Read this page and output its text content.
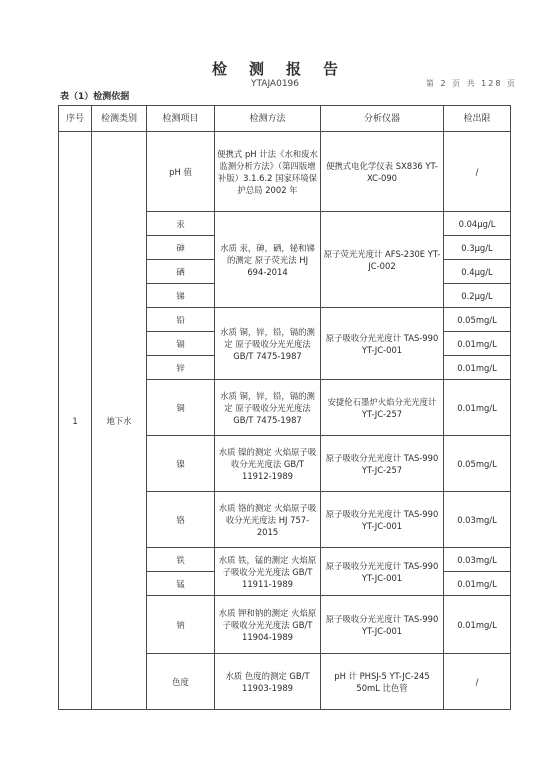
检测报告
YTAJA0196	第 2 页 共 128 页
表（1）检测依据
序号	检测类别	检测项目	检测方法	分析仪器	检出限
1	地下水	pH 值	便携式 pH 计法《水和废水监测分析方法》（第四版增补版）3.1.6.2 国家环境保护总局 2002 年	便携式电化学仪表 SX836 YT-XC-090	/
		汞	水质 汞，砷，硒，铋和锑的测定 原子荧光法 HJ 694-2014	原子荧光光度计 AFS-230E YT-JC-002	0.04μg/L
		砷			0.3μg/L
		硒			0.4μg/L
		锑			0.2μg/L
		铅	水质 铜，锌，铅，镉的测定 原子吸收分光光度法 GB/T 7475-1987	原子吸收分光光度计 TAS-990 YT-JC-001	0.05mg/L
		镉			0.01mg/L
		锌			0.01mg/L
		铜	水质 铜，锌，铅，镉的测定 原子吸收分光光度法 GB/T 7475-1987	安捷伦石墨炉火焰分光光度计 YT-JC-257	0.01mg/L
		镍	水质 镍的测定 火焰原子吸收分光光度法 GB/T 11912-1989	原子吸收分光光度计 TAS-990 YT-JC-257	0.05mg/L
		铬	水质 铬的测定 火焰原子吸收分光光度法 HJ 757-2015	原子吸收分光光度计 TAS-990 YT-JC-001	0.03mg/L
		铁	水质 铁，锰的测定 火焰原子吸收分光光度法 GB/T 11911-1989	原子吸收分光光度计 TAS-990 YT-JC-001	0.03mg/L
		锰			0.01mg/L
		钠	水质 钾和钠的测定 火焰原子吸收分光光度法 GB/T 11904-1989	原子吸收分光光度计 TAS-990 YT-JC-001	0.01mg/L
		色度	水质 色度的测定 GB/T 11903-1989	pH 计 PHSJ-5 YT-JC-245 50mL 比色管	/
